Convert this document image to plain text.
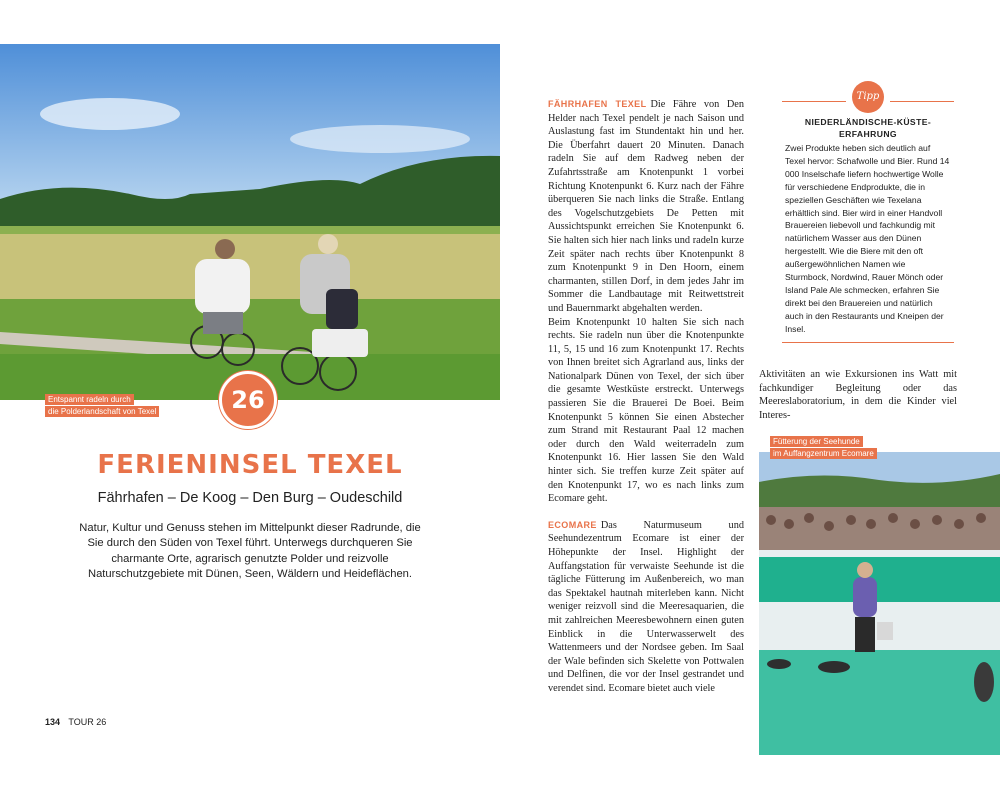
Entspannt radeln durch
die Polderlandschaft von Texel	26
FERIENINSEL TEXEL
Fährhafen – De Koog – Den Burg – Oudeschild

Natur, Kultur und Genuss stehen im Mittelpunkt dieser Radrunde, die Sie durch den Süden von Texel führt. Unterwegs durchqueren Sie charmante Orte, agrarisch genutzte Polder und reizvolle Naturschutzgebiete mit Dünen, Seen, Wäldern und Heideflächen.

134 TOUR 26

FÄHRHAFEN TEXEL Die Fähre von Den Helder nach Texel pendelt je nach Saison und Auslastung fast im Stundentakt hin und her. Die Überfahrt dauert 20 Minuten. Danach radeln Sie auf dem Radweg neben der Zufahrtsstraße am Knotenpunkt 1 vorbei Richtung Knotenpunkt 6. Kurz nach der Fähre überqueren Sie nach links die Straße. Entlang des Vogelschutzgebiets De Petten mit Aussichtspunkt erreichen Sie Knotenpunkt 6. Sie halten sich hier nach links und radeln kurze Zeit später nach rechts über Knotenpunkt 8 zum Knotenpunkt 9 in Den Hoorn, einem charmanten, stillen Dorf, in dem jedes Jahr im Sommer die Landbautage mit Reitwettstreit und Bauernmarkt abgehalten werden.

Beim Knotenpunkt 10 halten Sie sich nach rechts. Sie radeln nun über die Knotenpunkte 11, 5, 15 und 16 zum Knotenpunkt 17. Rechts von Ihnen breitet sich Agrarland aus, links der Nationalpark Dünen von Texel, der sich über die gesamte Westküste erstreckt. Unterwegs passieren Sie die Brauerei De Boei. Beim Knotenpunkt 5 können Sie einen Abstecher zum Strand mit Restaurant Paal 12 machen oder durch den Wald weiterradeln zum Knotenpunkt 16. Hier lassen Sie den Wald hinter sich. Sie treffen kurze Zeit später auf den Knotenpunkt 17, wo es nach links zum Ecomare geht.

ECOMARE Das Naturmuseum und Seehundezentrum Ecomare ist einer der Höhepunkte der Insel. Highlight der Auffangstation für verwaiste Seehunde ist die tägliche Fütterung im Außenbereich, wo man das Spektakel hautnah miterleben kann. Nicht weniger reizvoll sind die Meeresaquarien, die mit zahlreichen Meeresbewohnern einen guten Einblick in die Unterwasserwelt des Wattenmeers und der Nordsee geben. Im Saal der Wale befinden sich Skelette von Pottwalen und Delfinen, die vor der Insel gestrandet und verendet sind. Ecomare bietet auch viele

Tipp
NIEDERLÄNDISCHE-KÜSTE-
ERFAHRUNG

Zwei Produkte heben sich deutlich auf Texel hervor: Schafwolle und Bier. Rund 14 000 Inselschafe liefern hochwertige Wolle für verschiedene Endprodukte, die in speziellen Geschäften wie Texelana erhältlich sind. Bier wird in einer Handvoll Brauereien liebevoll und fachkundig mit natürlichem Wasser aus den Dünen hergestellt. Wie die Biere mit den oft außergewöhnlichen Namen wie Sturmbock, Nordwind, Rauer Mönch oder Island Pale Ale schmecken, erfahren Sie direkt bei den Brauereien und natürlich auch in den Restaurants und Kneipen der Insel.

Aktivitäten an wie Exkursionen ins Watt mit fachkundiger Begleitung oder das Meereslaboratorium, in dem die Kinder viel Interes-

Fütterung der Seehunde
im Auffangzentrum Ecomare
